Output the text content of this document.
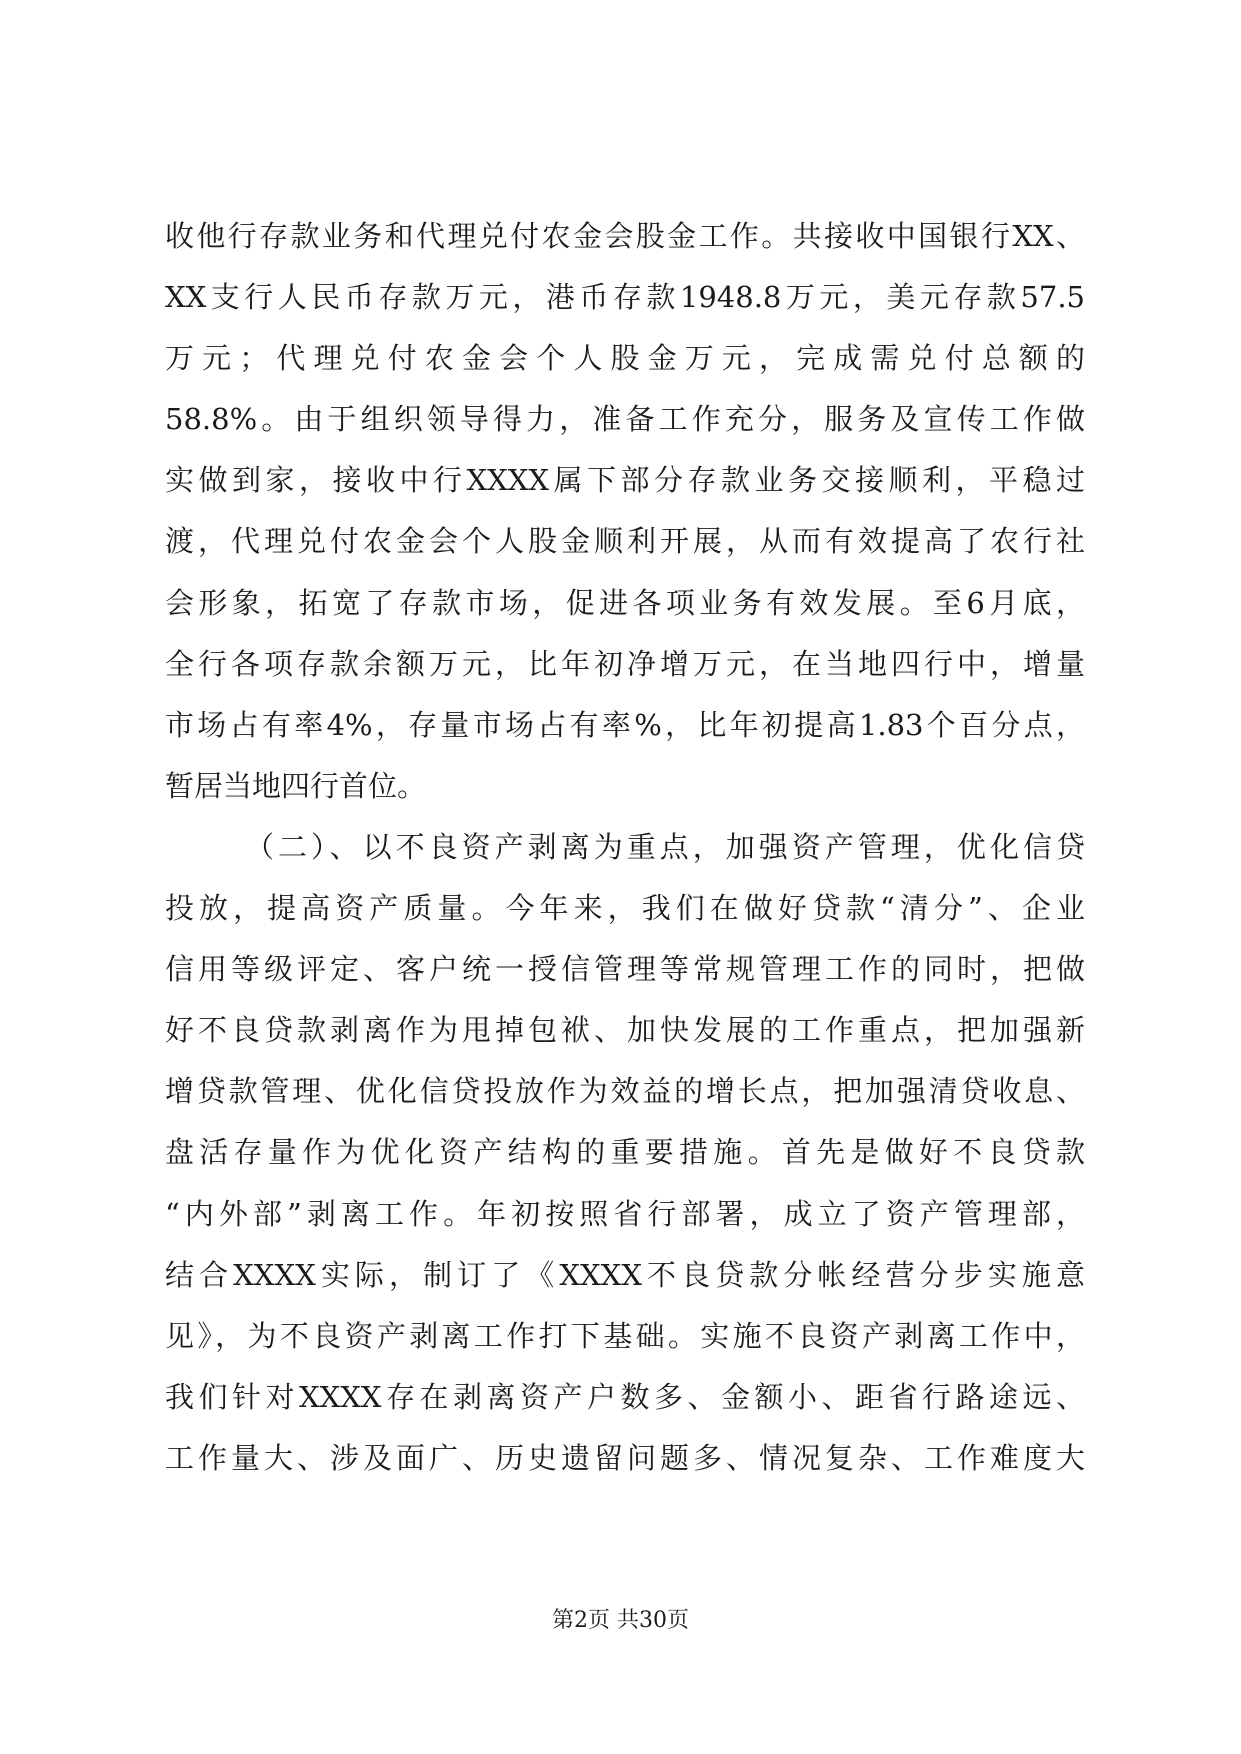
收他行存款业务和代理兑付农金会股金工作。共接收中国银行XX、
XX支行人民币存款万元，港币存款1948.8万元，美元存款57.5
万元；代理兑付农金会个人股金万元，完成需兑付总额的
58.8%。由于组织领导得力，准备工作充分，服务及宣传工作做
实做到家，接收中行XXXX属下部分存款业务交接顺利，平稳过
渡，代理兑付农金会个人股金顺利开展，从而有效提高了农行社
会形象，拓宽了存款市场，促进各项业务有效发展。至6月底，
全行各项存款余额万元，比年初净增万元，在当地四行中，增量
市场占有率4%，存量市场占有率%，比年初提高1.83个百分点，
暂居当地四行首位。
（二）、以不良资产剥离为重点，加强资产管理，优化信贷
投放，提高资产质量。今年来，我们在做好贷款“清分”、企业
信用等级评定、客户统一授信管理等常规管理工作的同时，把做
好不良贷款剥离作为甩掉包袱、加快发展的工作重点，把加强新
增贷款管理、优化信贷投放作为效益的增长点，把加强清贷收息、
盘活存量作为优化资产结构的重要措施。首先是做好不良贷款
“内外部”剥离工作。年初按照省行部署，成立了资产管理部，
结合XXXX实际，制订了《XXXX不良贷款分帐经营分步实施意
见》，为不良资产剥离工作打下基础。实施不良资产剥离工作中，
我们针对XXXX存在剥离资产户数多、金额小、距省行路途远、
工作量大、涉及面广、历史遗留问题多、情况复杂、工作难度大
第2页 共30页
